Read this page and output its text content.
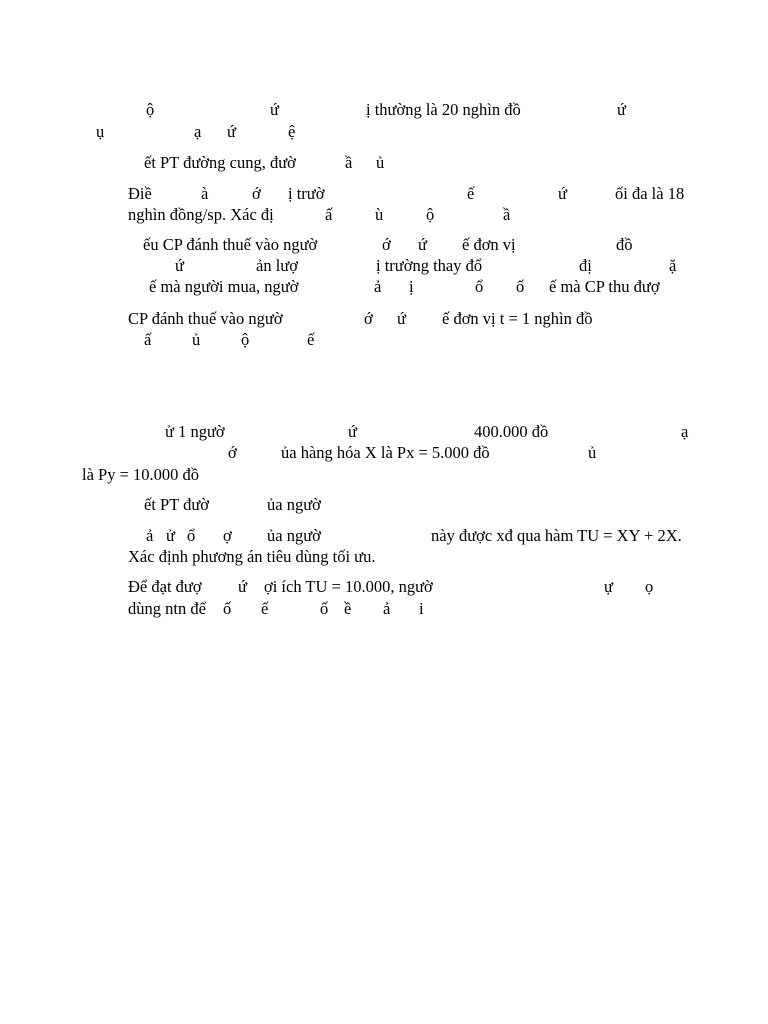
ộ	ứ	ị thường là 20 nghìn đồ	ứ
ụ	ạ ứ	ệ
ết PT đường cung, đườ	ầ ủ
Điề	à	ớ ị trườ	ế	ứ	ối đa là 18
nghìn đồng/sp. Xác đị	ấ	ù	ộ	ầ
ếu CP đánh thuế vào ngườ	ớ ứ ế đơn vị	đồ
ứ	ản lượ	ị trường thay đổ	đị	ặ
ế mà người mua, ngườ	ả ị	ổ ố ế mà CP thu đượ
CP đánh thuế vào ngườ	ớ ứ ế đơn vị t = 1 nghìn đồ
ấ ủ ộ	ế
ử 1 ngườ	ứ	400.000 đồ	ạ
ớ	ủa hàng hóa X là Px = 5.000 đồ	ủ
là Py = 10.000 đồ
ết PT đườ	ủa ngườ
ả ử ổ ợ ủa ngườ	này được xđ qua hàm TU = XY + 2X.
Xác định phương án tiêu dùng tối ưu.
Để đạt đượ ứ ợi ích TU = 10.000, ngườ	ự ọ
dùng ntn để ố ế	ố ề ả i
